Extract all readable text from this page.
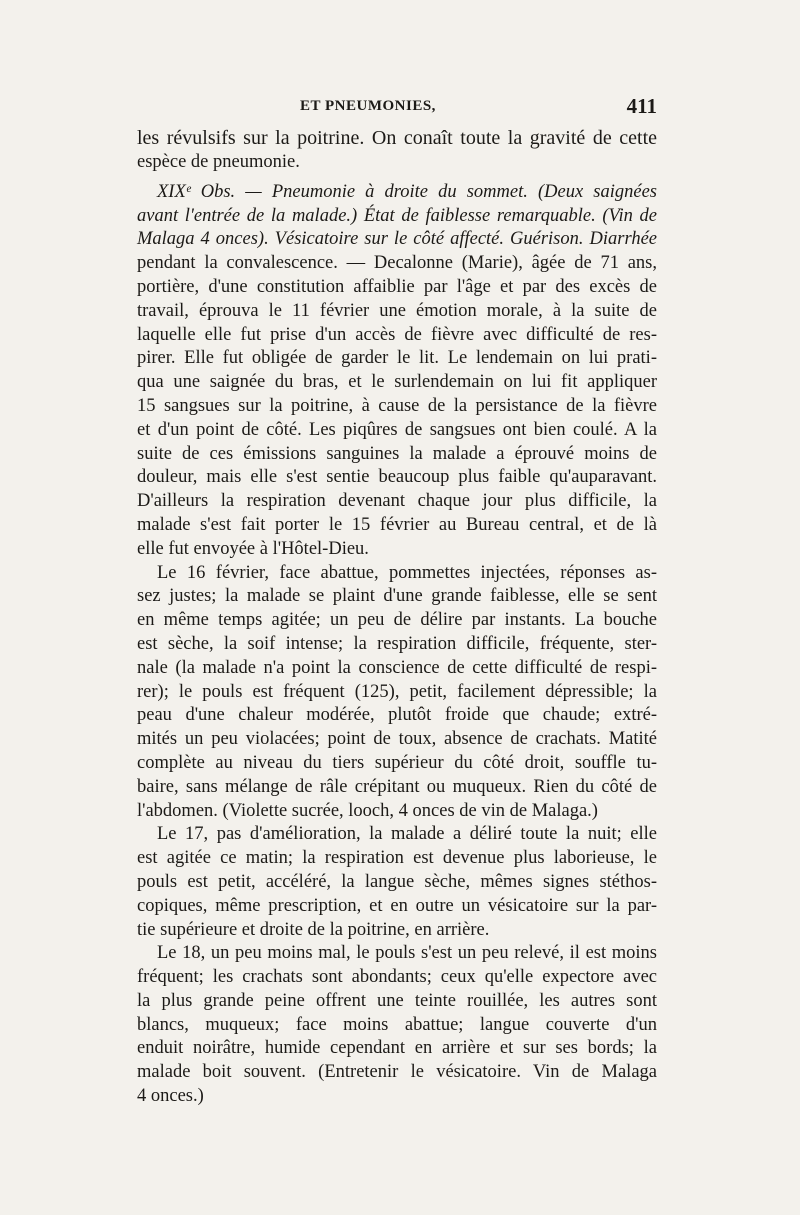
ET PNEUMONIES,	411
les révulsifs sur la poitrine. On conaît toute la gravité de cette
espèce de pneumonie.
XIXᵉ Obs. — Pneumonie à droite du sommet. (Deux saignées
avant l'entrée de la malade.) État de faiblesse remarquable. (Vin de
Malaga 4 onces). Vésicatoire sur le côté affecté. Guérison. Diarrhée
pendant la convalescence. — Decalonne (Marie), âgée de 71 ans,
portière, d'une constitution affaiblie par l'âge et par des excès de
travail, éprouva le 11 février une émotion morale, à la suite de
laquelle elle fut prise d'un accès de fièvre avec difficulté de res-
pirer. Elle fut obligée de garder le lit. Le lendemain on lui prati-
qua une saignée du bras, et le surlendemain on lui fit appliquer
15 sangsues sur la poitrine, à cause de la persistance de la fièvre
et d'un point de côté. Les piqûres de sangsues ont bien coulé. A la
suite de ces émissions sanguines la malade a éprouvé moins de
douleur, mais elle s'est sentie beaucoup plus faible qu'auparavant.
D'ailleurs la respiration devenant chaque jour plus difficile, la
malade s'est fait porter le 15 février au Bureau central, et de là
elle fut envoyée à l'Hôtel-Dieu.
Le 16 février, face abattue, pommettes injectées, réponses as-
sez justes; la malade se plaint d'une grande faiblesse, elle se sent
en même temps agitée; un peu de délire par instants. La bouche
est sèche, la soif intense; la respiration difficile, fréquente, ster-
nale (la malade n'a point la conscience de cette difficulté de respi-
rer); le pouls est fréquent (125), petit, facilement dépressible; la
peau d'une chaleur modérée, plutôt froide que chaude; extré-
mités un peu violacées; point de toux, absence de crachats. Matité
complète au niveau du tiers supérieur du côté droit, souffle tu-
baire, sans mélange de râle crépitant ou muqueux. Rien du côté de
l'abdomen. (Violette sucrée, looch, 4 onces de vin de Malaga.)
Le 17, pas d'amélioration, la malade a déliré toute la nuit; elle
est agitée ce matin; la respiration est devenue plus laborieuse, le
pouls est petit, accéléré, la langue sèche, mêmes signes stéthos-
copiques, même prescription, et en outre un vésicatoire sur la par-
tie supérieure et droite de la poitrine, en arrière.
Le 18, un peu moins mal, le pouls s'est un peu relevé, il est moins
fréquent; les crachats sont abondants; ceux qu'elle expectore avec
la plus grande peine offrent une teinte rouillée, les autres sont
blancs, muqueux; face moins abattue; langue couverte d'un
enduit noirâtre, humide cependant en arrière et sur ses bords; la
malade boit souvent. (Entretenir le vésicatoire. Vin de Malaga
4 onces.)
